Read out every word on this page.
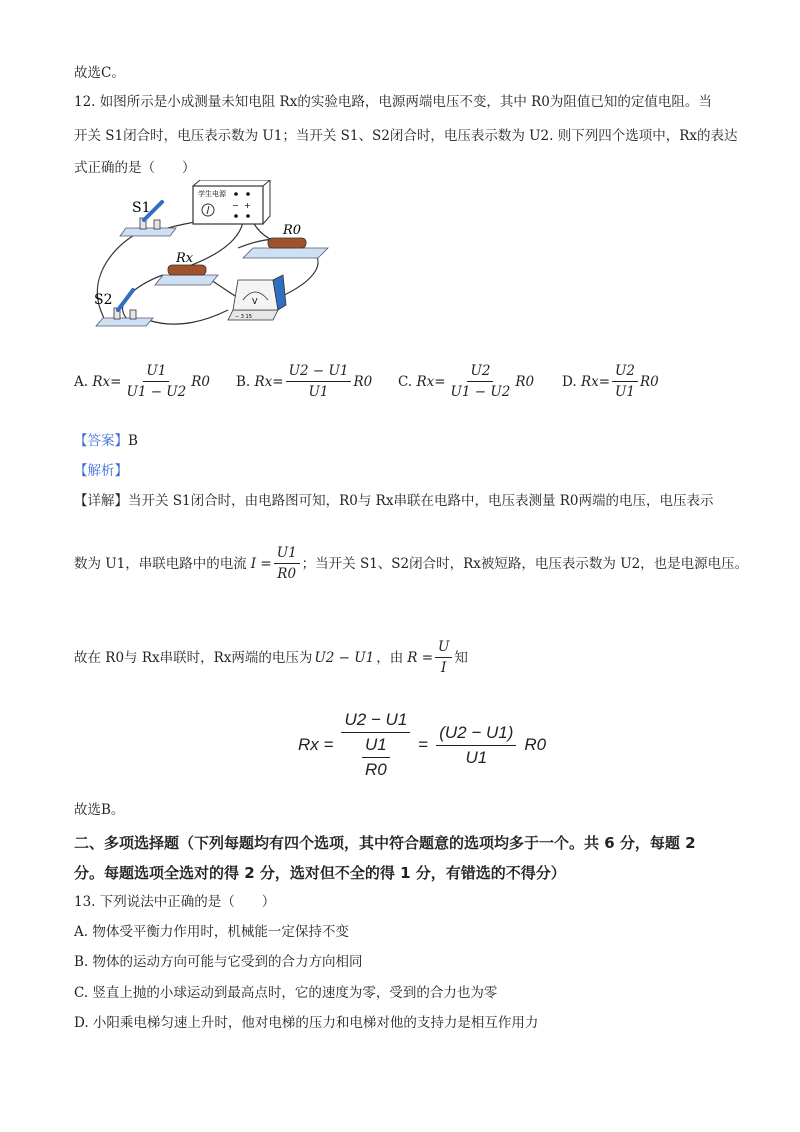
故选C。
12. 如图所示是小成测量未知电阻 Rx的实验电路，电源两端电压不变，其中 R0为阻值已知的定值电阻。当
开关 S1闭合时，电压表示数为 U1；当开关 S1、S2闭合时，电压表示数为 U2. 则下列四个选项中，Rx的表达
式正确的是（　　）
学生电源
− +
S1
R0
Rx
V
− 3 15
S2
A.
$Rx= \frac{U1}{U1 - U2} R0$ B.
$Rx= \frac{U2 - U1}{U1} R0$ C.
$Rx= \frac{U2}{U1 - U2} R0$ D.
$Rx= \frac{U2}{U1} R0$
【答案】B
【解析】
【详解】当开关 S1闭合时，由电路图可知，R0与 Rx串联在电路中，电压表测量 R0两端的电压，电压表示
数为 U1，串联电路中的电流 $I = \frac{U1}{R0}$ ；当开关 S1、S2闭合时，Rx被短路，电压表示数为 U2，也是电源电压。
故在 R0与 Rx串联时，Rx两端的电压为 U2 − U1 ，由 $R = \frac{U}{I}$ 知
Rx = U2 − U1
U1
$R0 = \frac{(U2 - U1)}{U1} R0$
故选B。
二、多项选择题（下列每题均有四个选项，其中符合题意的选项均多于一个。共 6 分，每题 2
分。每题选项全选对的得 2 分，选对但不全的得 1 分，有错选的不得分）
13. 下列说法中正确的是（　　）
A. 物体受平衡力作用时，机械能一定保持不变
B. 物体的运动方向可能与它受到的合力方向相同
C. 竖直上抛的小球运动到最高点时，它的速度为零，受到的合力也为零
D. 小阳乘电梯匀速上升时，他对电梯的压力和电梯对他的支持力是相互作用力
